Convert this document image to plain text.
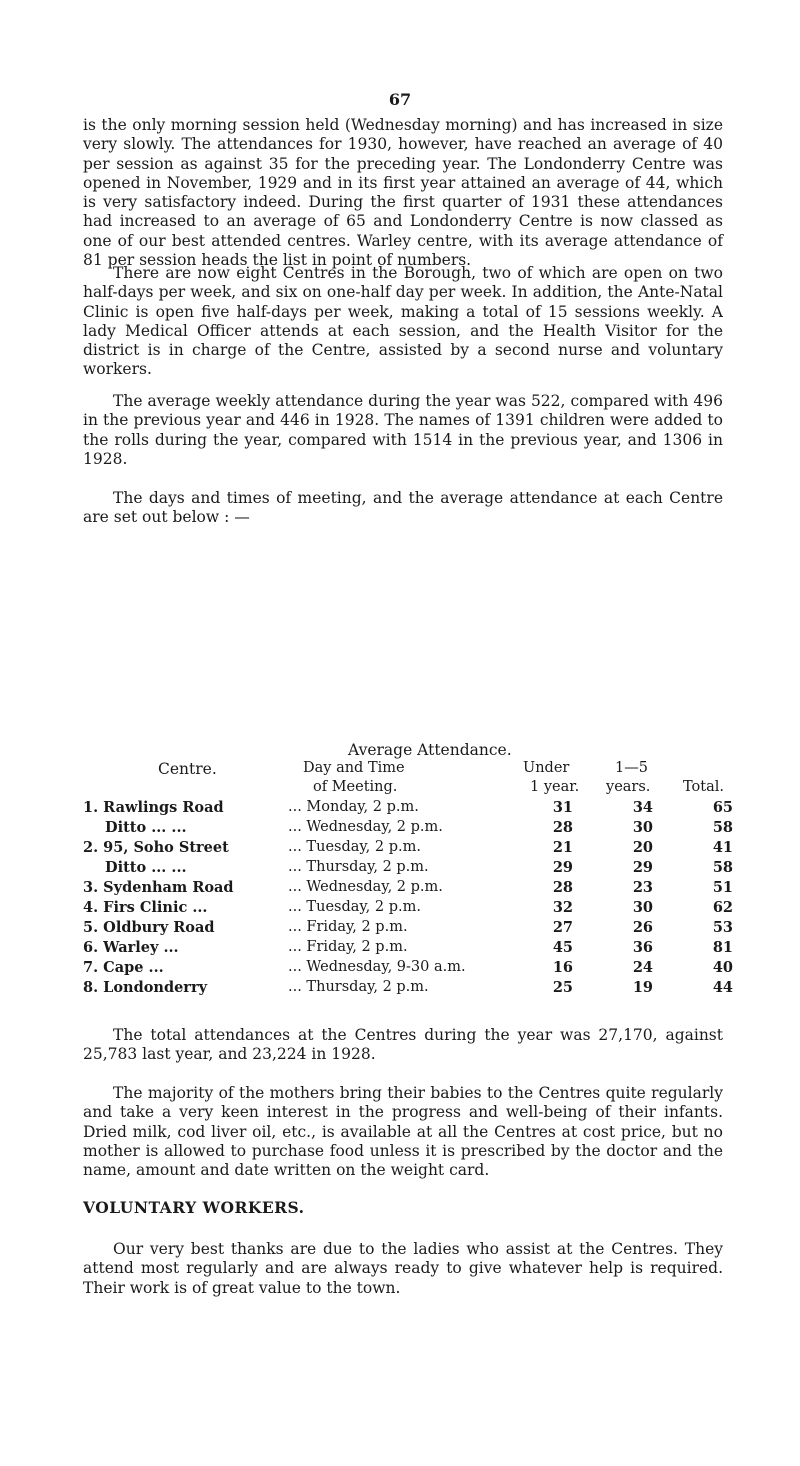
67

is the only morning session held (Wednesday morning) and has increased in size very slowly. The attendances for 1930, however, have reached an average of 40 per session as against 35 for the preceding year. The Londonderry Centre was opened in November, 1929 and in its first year attained an average of 44, which is very satisfactory indeed. During the first quarter of 1931 these attendances had increased to an average of 65 and Londonderry Centre is now classed as one of our best attended centres. Warley centre, with its average attendance of 81 per session heads the list in point of numbers.

There are now eight Centres in the Borough, two of which are open on two half-days per week, and six on one-half day per week. In addition, the Ante-Natal Clinic is open five half-days per week, making a total of 15 sessions weekly. A lady Medical Officer attends at each session, and the Health Visitor for the district is in charge of the Centre, assisted by a second nurse and voluntary workers.

The average weekly attendance during the year was 522, compared with 496 in the previous year and 446 in 1928. The names of 1391 children were added to the rolls during the year, compared with 1514 in the previous year, and 1306 in 1928.

The days and times of meeting, and the average attendance at each Centre are set out below : —

Average Attendance.
Centre.	Day and Time
of Meeting.
Under
1 year.
1—5
years. Total.
1. Rawlings Road	... Monday, 2 p.m.	31	34	65
Ditto ... ...	... Wednesday, 2 p.m.	28	30	58
2. 95, Soho Street	... Tuesday, 2 p.m.	21	20	41
Ditto ... ...	... Thursday, 2 p.m.	29	29	58
3. Sydenham Road	... Wednesday, 2 p.m.	28	23	51
4. Firs Clinic ...	... Tuesday, 2 p.m.	32	30	62
5. Oldbury Road	... Friday, 2 p.m.	27	26	53
6. Warley ...	... Friday, 2 p.m.	45	36	81
7. Cape ...	... Wednesday, 9-30 a.m.	16	24	40
8. Londonderry	... Thursday, 2 p.m.	25	19	44

The total attendances at the Centres during the year was 27,170, against 25,783 last year, and 23,224 in 1928.

The majority of the mothers bring their babies to the Centres quite regularly and take a very keen interest in the progress and well-being of their infants. Dried milk, cod liver oil, etc., is available at all the Centres at cost price, but no mother is allowed to purchase food unless it is prescribed by the doctor and the name, amount and date written on the weight card.

VOLUNTARY WORKERS.

Our very best thanks are due to the ladies who assist at the Centres. They attend most regularly and are always ready to give whatever help is required. Their work is of great value to the town.
